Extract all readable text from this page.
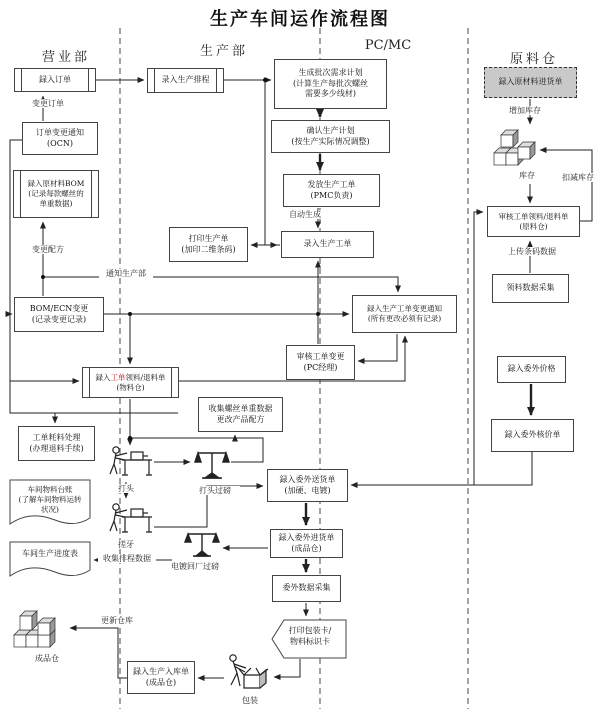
生产车间运作流程图
营业部	生产部	PC/MC
原料仓
録入订单
订单变更通知
(OCN)
録入原材料BOM
(记录每款螺丝的
单重数据)
BOM/ECN变更
(记录变更记录)
録入工单领料/退料单
(物料仓)
工单耗料处理
(办理退料手续)
车间物料台账
(了解车间物料运转
状况)
车间生产进度表
録入生产入库单
(成品仓)
录入生产排程
打印生产单
(加印二维条码)
生成批次需求计划
(计算生产每批次螺丝
需要多少线材)
确认生产计划
(按生产实际情况调整)
发放生产工单
(PMC负责)
录入生产工单
録入生产工单变更通知
(所有更改必须有记录)
审核工单变更
(PC经理)
收集螺丝单重数据
更改产品配方
録入委外送货单
(加硬、电镀)
録入委外进货单
(成品仓)
委外数据采集
打印包装卡/
物料标识卡
録入原材料进货单
审核工单领料/退料单
(原料仓)
领料数据采集
録入委外价格
録入委外核价单
变更订单
变更配方
通知生产部
自动生成
增加库存
库存	扣减库存
上传条码数据
打头	打头过磅
搓牙
收集排程数据
电镀回厂过磅
更新仓库
成品仓
包装
